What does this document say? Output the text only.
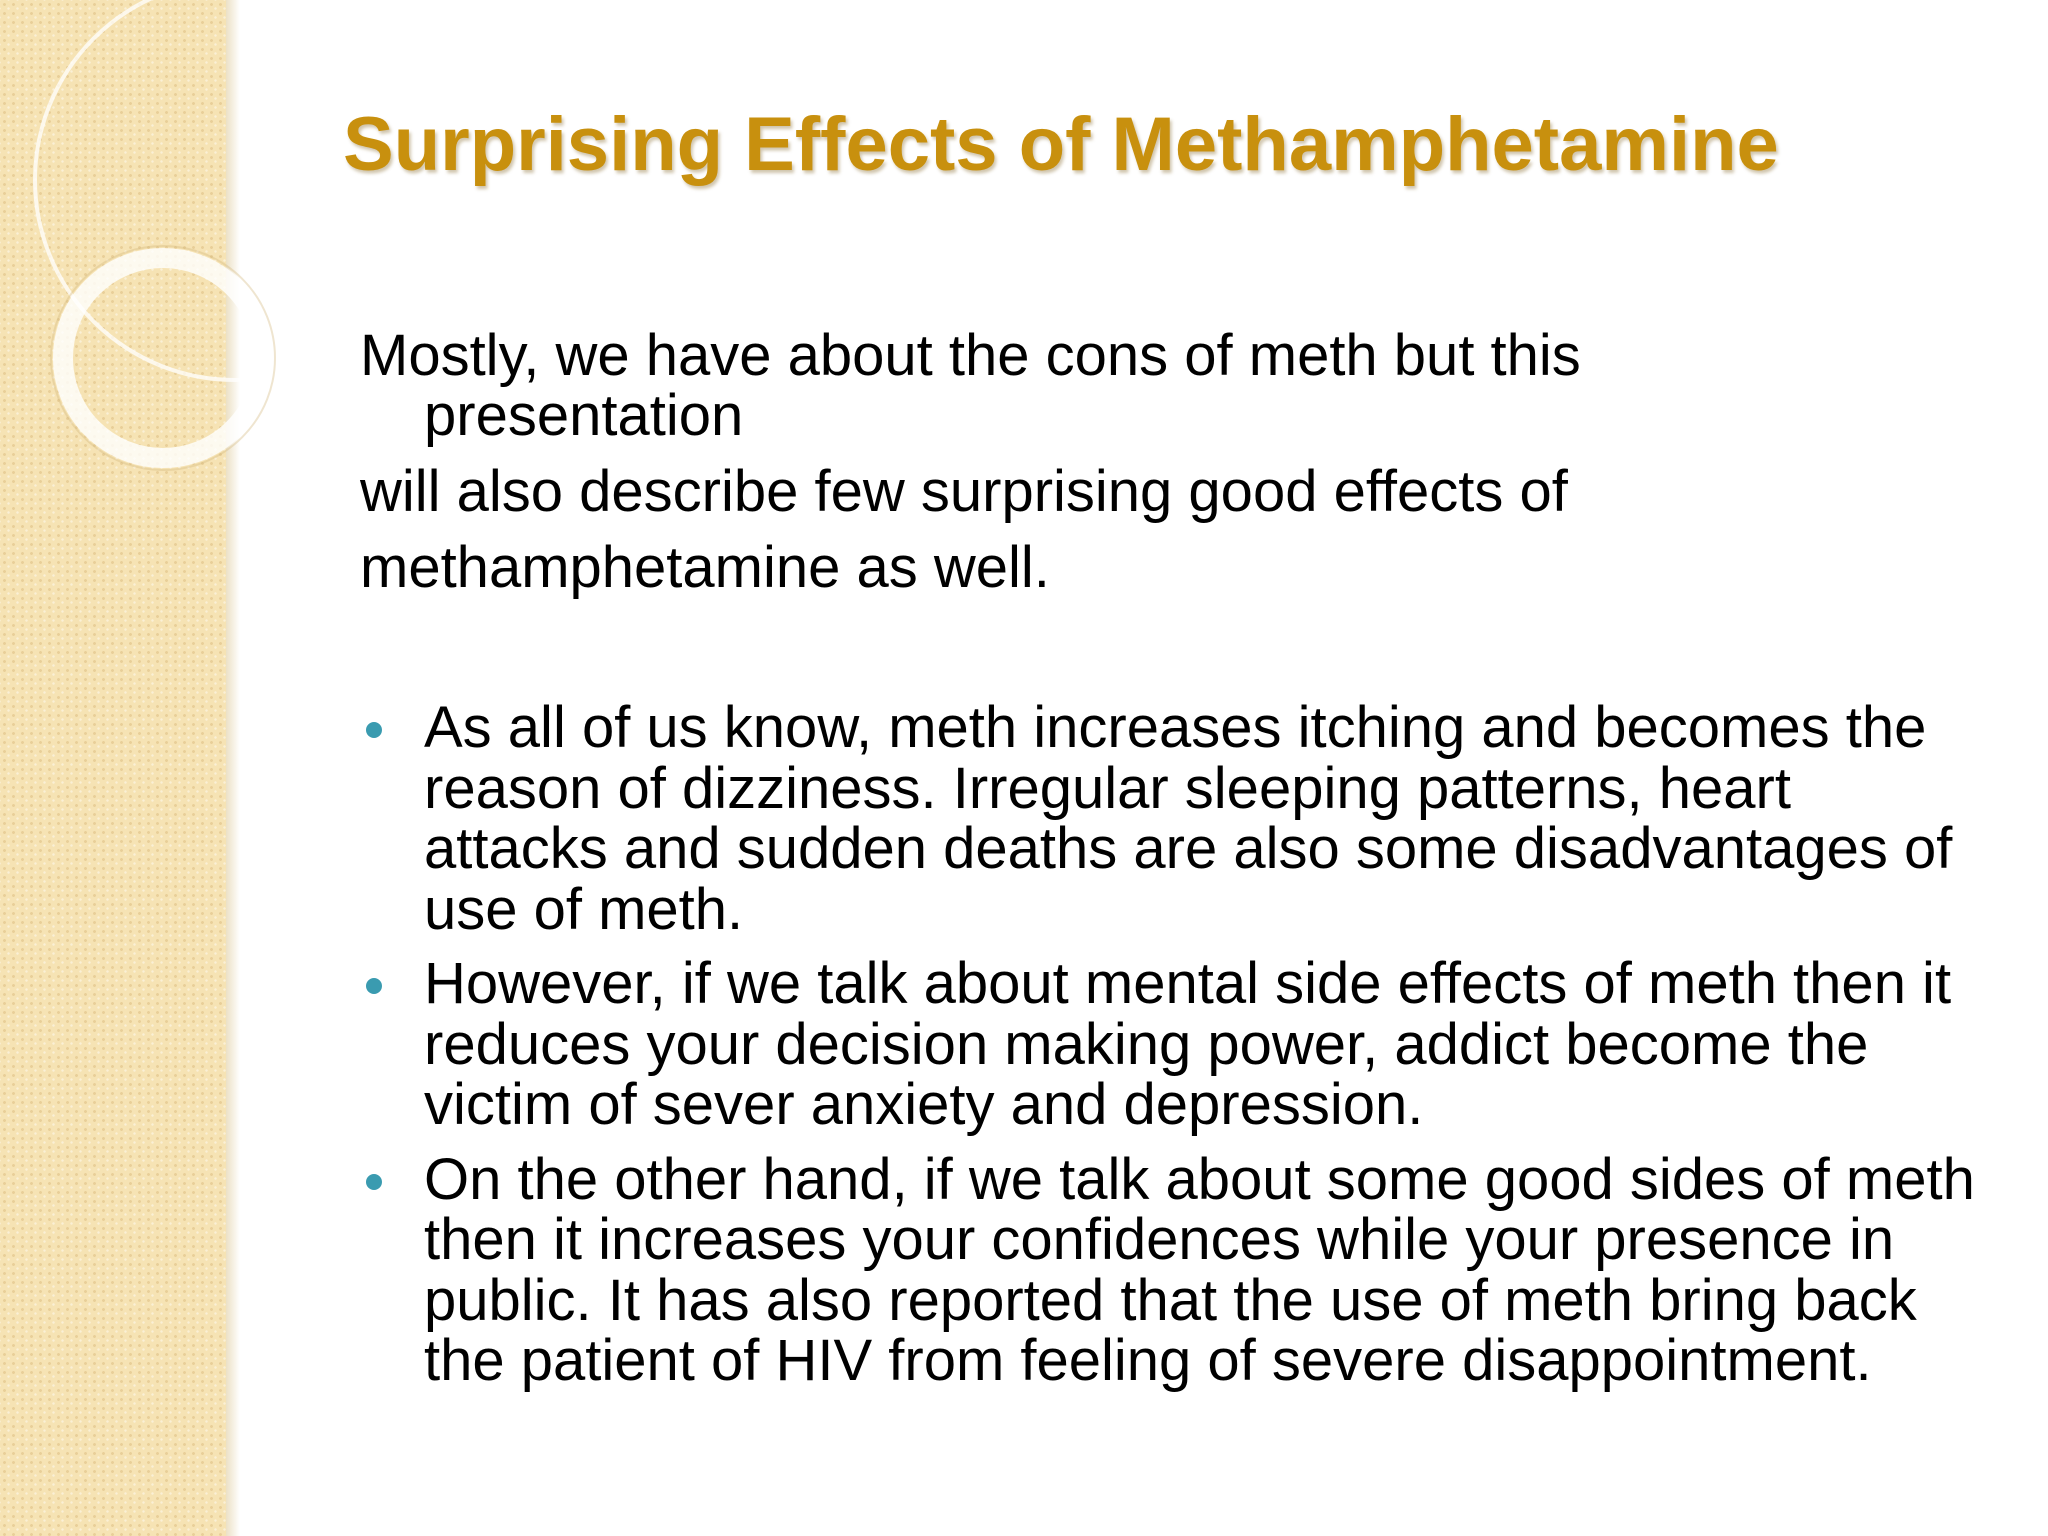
Surprising Effects of Methamphetamine

Mostly, we have about the cons of meth but this presentation

will also describe few surprising good effects of

methamphetamine as well.

As all of us know, meth increases itching and becomes the reason of dizziness. Irregular sleeping patterns, heart attacks and sudden deaths are also some disadvantages of use of meth.
However, if we talk about mental side effects of meth then it reduces your decision making power, addict become the victim of sever anxiety and depression.
On the other hand, if we talk about some good sides of meth then it increases your confidences while your presence in public. It has also reported that the use of meth bring back the patient of HIV from feeling of severe disappointment.
